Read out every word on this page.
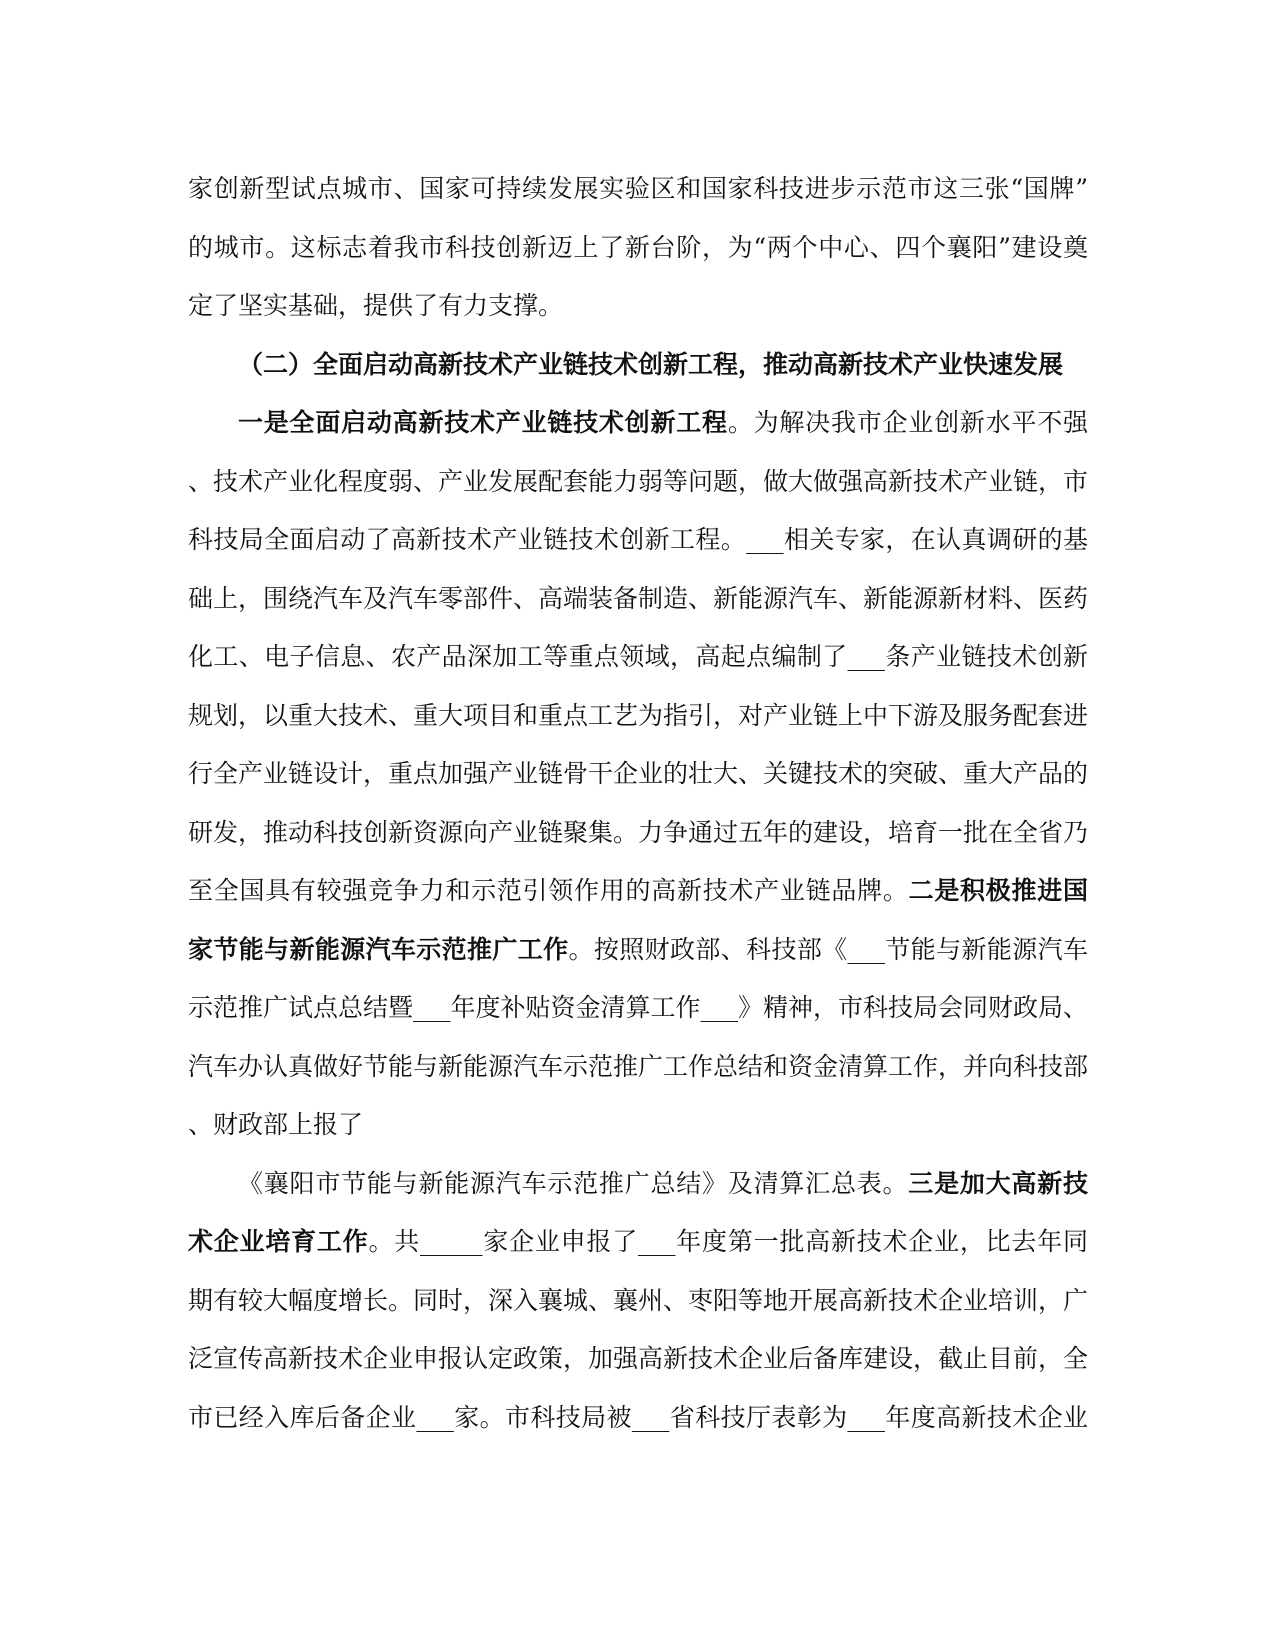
家创新型试点城市、国家可持续发展实验区和国家科技进步示范市这三张“国牌”
的城市。这标志着我市科技创新迈上了新台阶，为“两个中心、四个襄阳”建设奠
定了坚实基础，提供了有力支撑。
（二）全面启动高新技术产业链技术创新工程，推动高新技术产业快速发展
一是全面启动高新技术产业链技术创新工程。为解决我市企业创新水平不强
、技术产业化程度弱、产业发展配套能力弱等问题，做大做强高新技术产业链，市
科技局全面启动了高新技术产业链技术创新工程。___相关专家，在认真调研的基
础上，围绕汽车及汽车零部件、高端装备制造、新能源汽车、新能源新材料、医药
化工、电子信息、农产品深加工等重点领域，高起点编制了___条产业链技术创新
规划，以重大技术、重大项目和重点工艺为指引，对产业链上中下游及服务配套进
行全产业链设计，重点加强产业链骨干企业的壮大、关键技术的突破、重大产品的
研发，推动科技创新资源向产业链聚集。力争通过五年的建设，培育一批在全省乃
至全国具有较强竞争力和示范引领作用的高新技术产业链品牌。二是积极推进国
家节能与新能源汽车示范推广工作。按照财政部、科技部《___节能与新能源汽车
示范推广试点总结暨___年度补贴资金清算工作___》精神，市科技局会同财政局、
汽车办认真做好节能与新能源汽车示范推广工作总结和资金清算工作，并向科技部
、财政部上报了
《襄阳市节能与新能源汽车示范推广总结》及清算汇总表。三是加大高新技
术企业培育工作。共_____家企业申报了___年度第一批高新技术企业，比去年同
期有较大幅度增长。同时，深入襄城、襄州、枣阳等地开展高新技术企业培训，广
泛宣传高新技术企业申报认定政策，加强高新技术企业后备库建设，截止目前，全
市已经入库后备企业___家。市科技局被___省科技厅表彰为___年度高新技术企业
